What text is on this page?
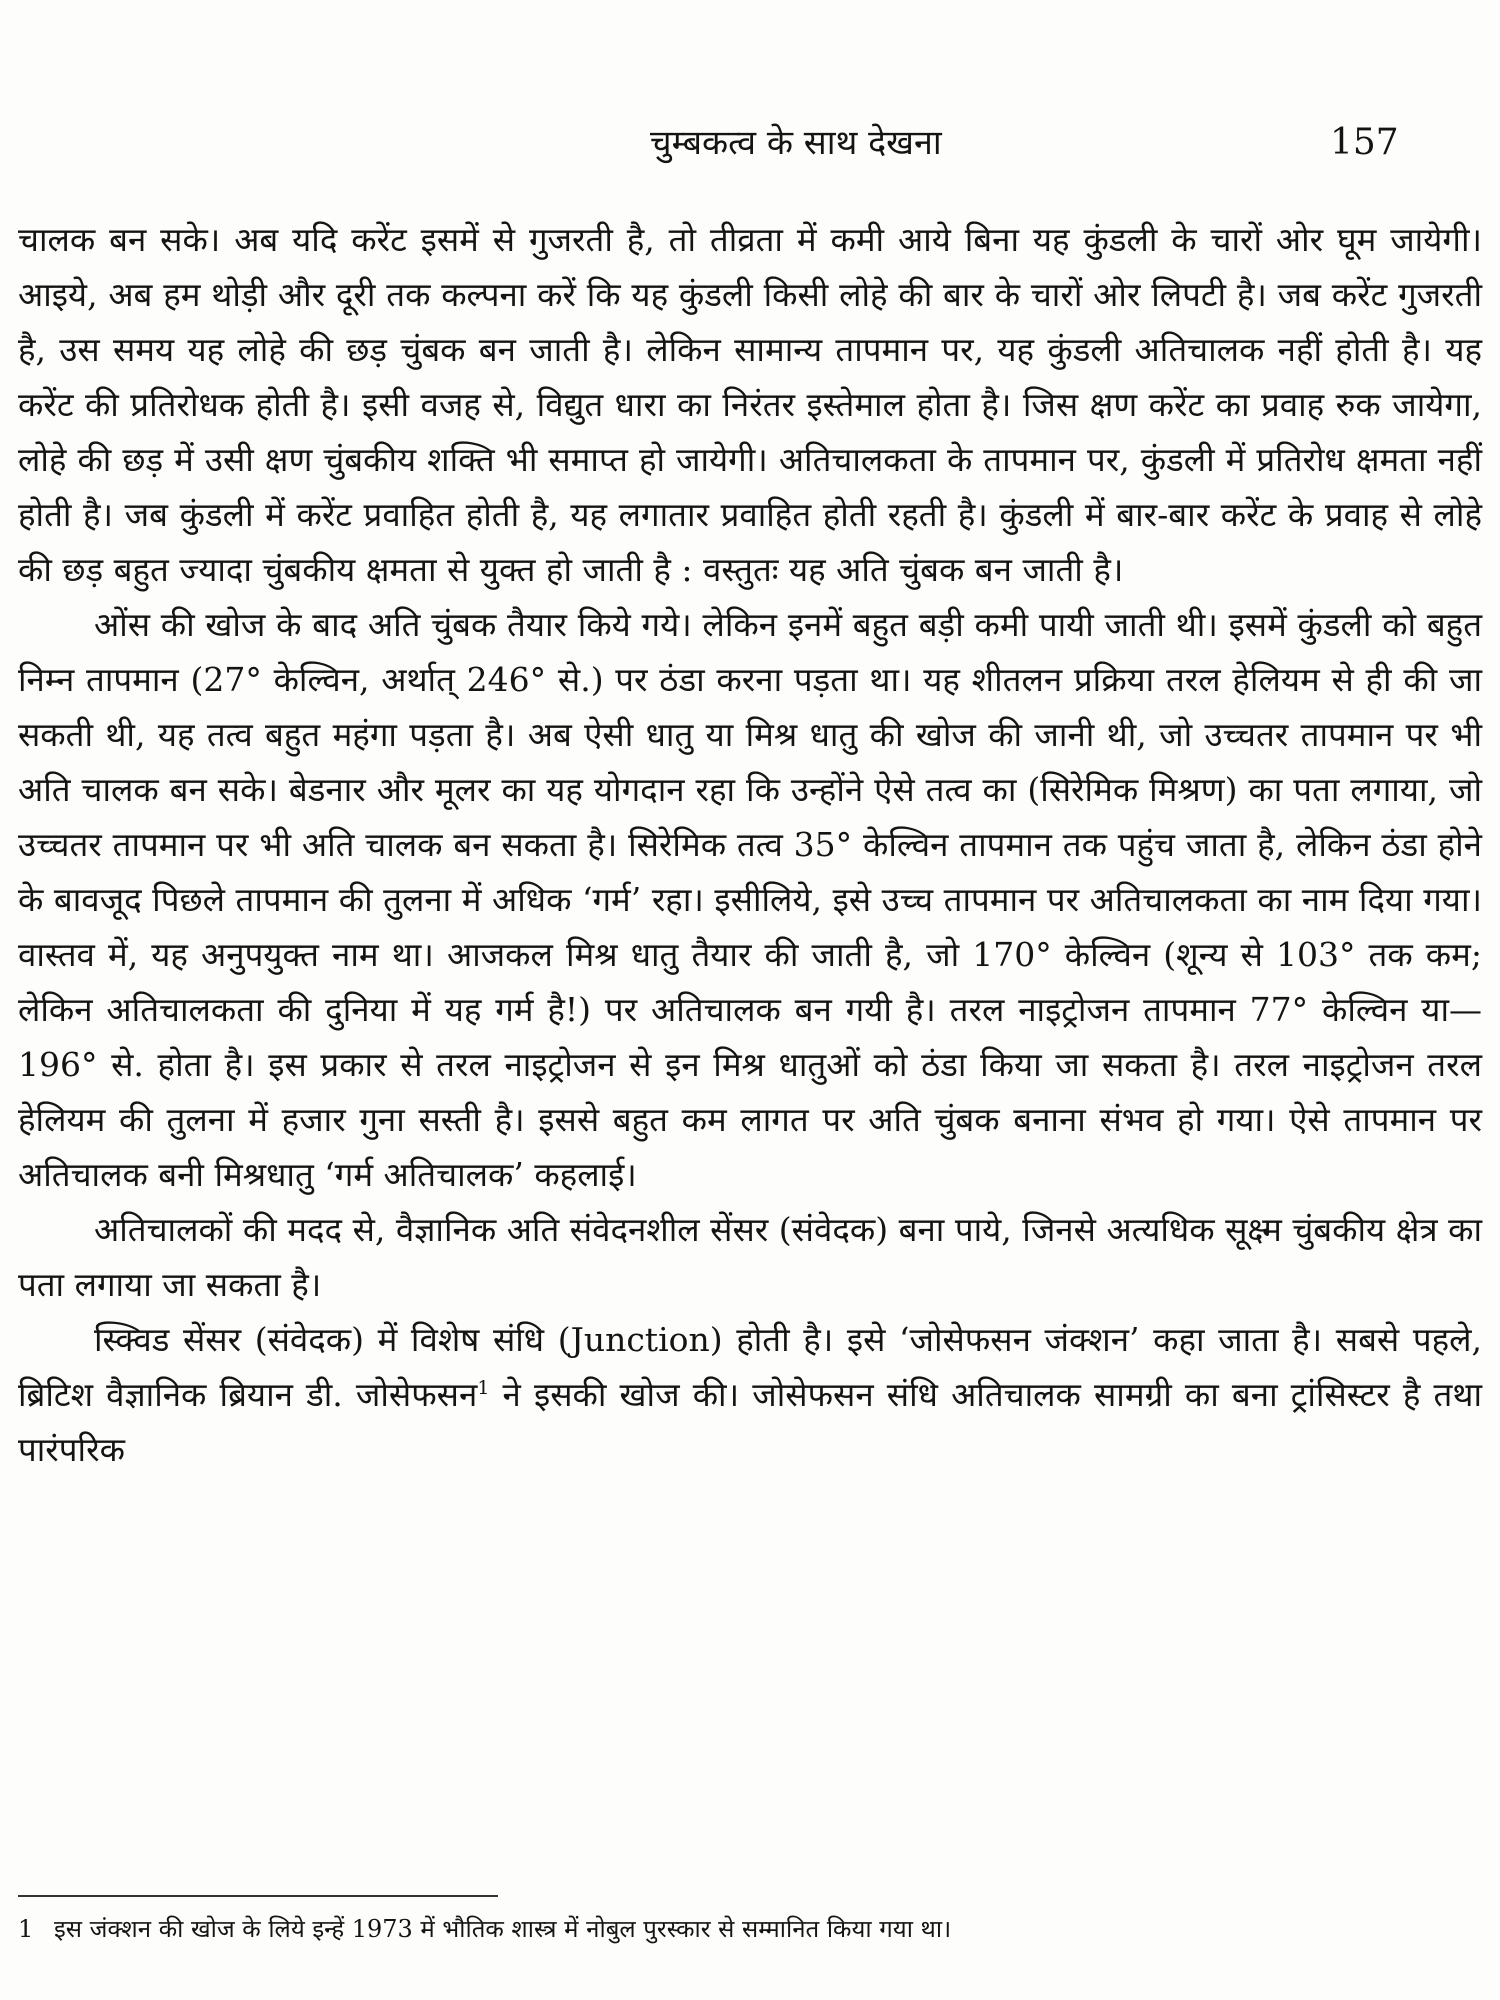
चुम्बकत्व के साथ देखना	157

चालक बन सके। अब यदि करेंट इसमें से गुजरती है, तो तीव्रता में कमी आये बिना यह कुंडली के चारों ओर घूम जायेगी। आइये, अब हम थोड़ी और दूरी तक कल्पना करें कि यह कुंडली किसी लोहे की बार के चारों ओर लिपटी है। जब करेंट गुजरती है, उस समय यह लोहे की छड़ चुंबक बन जाती है। लेकिन सामान्य तापमान पर, यह कुंडली अतिचालक नहीं होती है। यह करेंट की प्रतिरोधक होती है। इसी वजह से, विद्युत धारा का निरंतर इस्तेमाल होता है। जिस क्षण करेंट का प्रवाह रुक जायेगा, लोहे की छड़ में उसी क्षण चुंबकीय शक्ति भी समाप्त हो जायेगी। अतिचालकता के तापमान पर, कुंडली में प्रतिरोध क्षमता नहीं होती है। जब कुंडली में करेंट प्रवाहित होती है, यह लगातार प्रवाहित होती रहती है। कुंडली में बार-बार करेंट के प्रवाह से लोहे की छड़ बहुत ज्यादा चुंबकीय क्षमता से युक्त हो जाती है : वस्तुतः यह अति चुंबक बन जाती है।

ओंस की खोज के बाद अति चुंबक तैयार किये गये। लेकिन इनमें बहुत बड़ी कमी पायी जाती थी। इसमें कुंडली को बहुत निम्न तापमान (27° केल्विन, अर्थात् 246° से.) पर ठंडा करना पड़ता था। यह शीतलन प्रक्रिया तरल हेलियम से ही की जा सकती थी, यह तत्व बहुत महंगा पड़ता है। अब ऐसी धातु या मिश्र धातु की खोज की जानी थी, जो उच्चतर तापमान पर भी अति चालक बन सके। बेडनार और मूलर का यह योगदान रहा कि उन्होंने ऐसे तत्व का (सिरेमिक मिश्रण) का पता लगाया, जो उच्चतर तापमान पर भी अति चालक बन सकता है। सिरेमिक तत्व 35° केल्विन तापमान तक पहुंच जाता है, लेकिन ठंडा होने के बावजूद पिछले तापमान की तुलना में अधिक ‘गर्म’ रहा। इसीलिये, इसे उच्च तापमान पर अतिचालकता का नाम दिया गया। वास्तव में, यह अनुपयुक्त नाम था। आजकल मिश्र धातु तैयार की जाती है, जो 170° केल्विन (शून्य से 103° तक कम; लेकिन अतिचालकता की दुनिया में यह गर्म है!) पर अतिचालक बन गयी है। तरल नाइट्रोजन तापमान 77° केल्विन या—196° से. होता है। इस प्रकार से तरल नाइट्रोजन से इन मिश्र धातुओं को ठंडा किया जा सकता है। तरल नाइट्रोजन तरल हेलियम की तुलना में हजार गुना सस्ती है। इससे बहुत कम लागत पर अति चुंबक बनाना संभव हो गया। ऐसे तापमान पर अतिचालक बनी मिश्रधातु ‘गर्म अतिचालक’ कहलाई।

अतिचालकों की मदद से, वैज्ञानिक अति संवेदनशील सेंसर (संवेदक) बना पाये, जिनसे अत्यधिक सूक्ष्म चुंबकीय क्षेत्र का पता लगाया जा सकता है।

स्क्विड सेंसर (संवेदक) में विशेष संधि (Junction) होती है। इसे ‘जोसेफसन जंक्शन’ कहा जाता है। सबसे पहले, ब्रिटिश वैज्ञानिक ब्रियान डी. जोसेफसन$^1$ ने इसकी खोज की। जोसेफसन संधि अतिचालक सामग्री का बना ट्रांसिस्टर है तथा पारंपरिक

1 इस जंक्शन की खोज के लिये इन्हें 1973 में भौतिक शास्त्र में नोबुल पुरस्कार से सम्मानित किया गया था।
